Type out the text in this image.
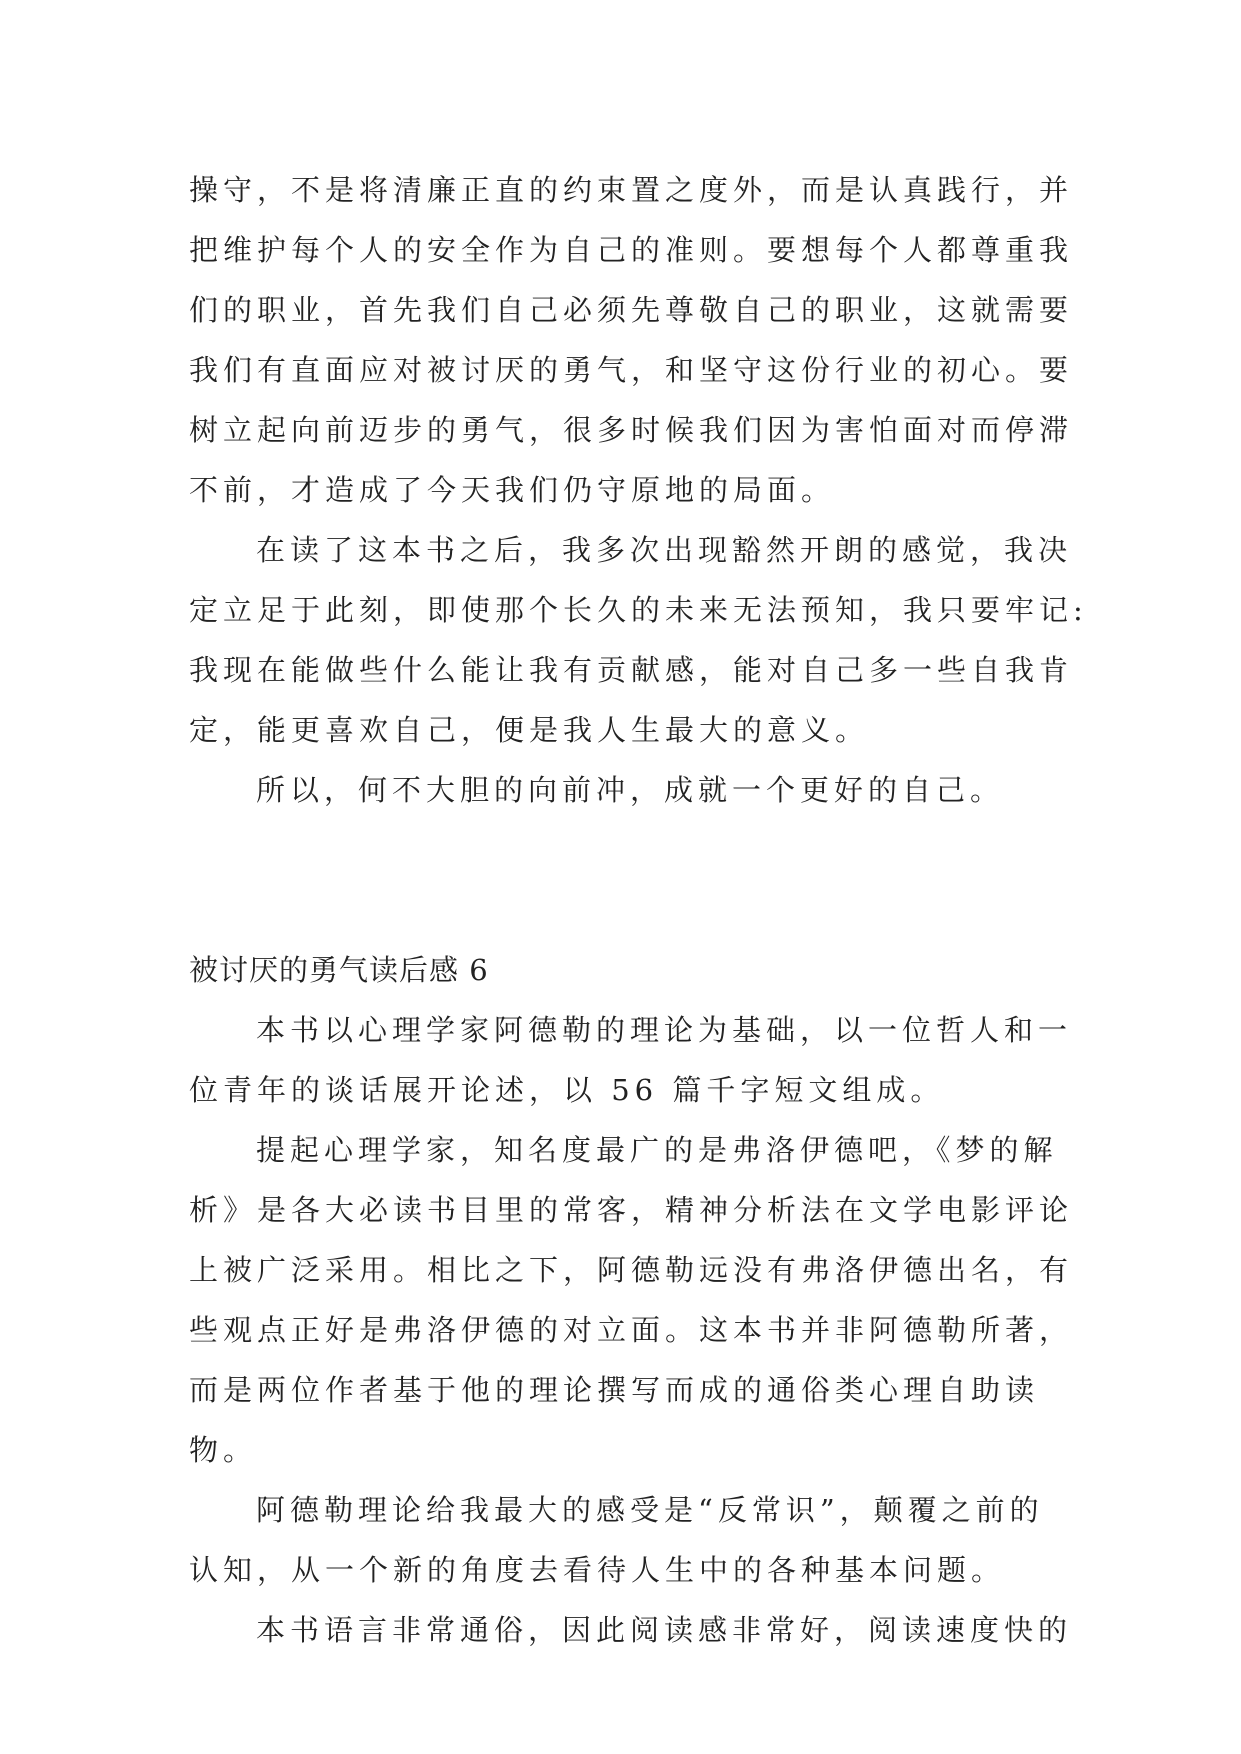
操守，不是将清廉正直的约束置之度外，而是认真践行，并
把维护每个人的安全作为自己的准则。要想每个人都尊重我
们的职业，首先我们自己必须先尊敬自己的职业，这就需要
我们有直面应对被讨厌的勇气，和坚守这份行业的初心。要
树立起向前迈步的勇气，很多时候我们因为害怕面对而停滞
不前，才造成了今天我们仍守原地的局面。
在读了这本书之后，我多次出现豁然开朗的感觉，我决
定立足于此刻，即使那个长久的未来无法预知，我只要牢记:
我现在能做些什么能让我有贡献感，能对自己多一些自我肯
定，能更喜欢自己，便是我人生最大的意义。
所以，何不大胆的向前冲，成就一个更好的自己。
被讨厌的勇气读后感 6
本书以心理学家阿德勒的理论为基础，以一位哲人和一
位青年的谈话展开论述，以 56 篇千字短文组成。
提起心理学家，知名度最广的是弗洛伊德吧，《梦的解
析》是各大必读书目里的常客，精神分析法在文学电影评论
上被广泛采用。相比之下，阿德勒远没有弗洛伊德出名，有
些观点正好是弗洛伊德的对立面。这本书并非阿德勒所著，
而是两位作者基于他的理论撰写而成的通俗类心理自助读
物。
阿德勒理论给我最大的感受是“反常识”，颠覆之前的
认知，从一个新的角度去看待人生中的各种基本问题。
本书语言非常通俗，因此阅读感非常好，阅读速度快的
